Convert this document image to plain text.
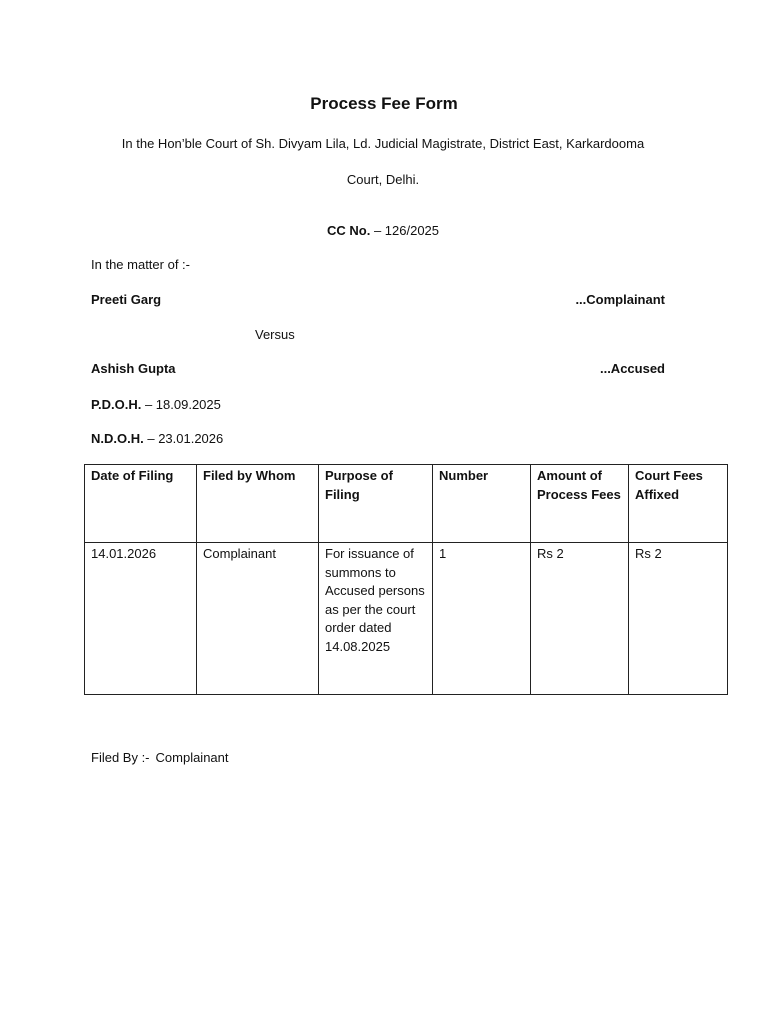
Process Fee Form
In the Hon’ble Court of Sh. Divyam Lila, Ld. Judicial Magistrate, District East, Karkardooma
Court, Delhi.
CC No. – 126/2025
In the matter of :-
Preeti Garg	...Complainant
Versus
Ashish Gupta	...Accused
P.D.O.H. – 18.09.2025
N.D.O.H. – 23.01.2026
Date of Filing	Filed by Whom	Purpose of Filing	Number	Amount of Process Fees	Court Fees Affixed
14.01.2026	Complainant	For issuance of summons to Accused persons as per the court order dated 14.08.2025	1	Rs 2	Rs 2
Filed By :- Complainant
